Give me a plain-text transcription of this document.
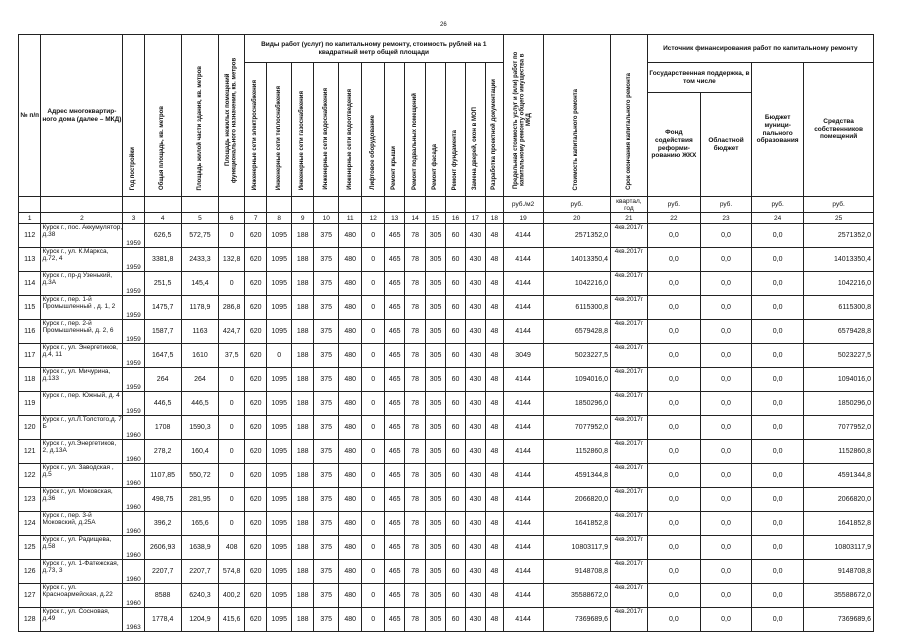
26
№ п/п	Адрес многоквартир-ного дома (далее – МКД)	Год постройки	Общая площадь, кв. метров	Площадь жилой части здания, кв. метров	Площадь нежилых помещений функционального назначения, кв. метров	Виды работ (услуг) по капитальному ремонту, стоимость рублей на 1 квадратный метр общей площади												Предельная стоимость услуг и (или) работ по капитальному ремонту общего имущества в МКД	Стоимость капитального ремонта	Срок окончания капитального ремонта	Источник финансирования работ по капитальному ремонту			
						Инженерные сети электроснабжения	Инженерные сети теплоснабжения	Инженерные сети газоснабжения	Инженерные сети водоснабжения	Инженерные сети водоотведения	Лифтовое оборудование	Ремонт крыши	Ремонт подвальных помещений	Ремонт фасада	Ремонт фундамента	Замена дверей, окон в МОП	Разработка проектной документации				Государственная поддержка, в том числе		Бюджет муници-пального образования	Средства собственников помещений
																					Фонд содействия реформи-рованию ЖКХ	Областной бюджет		
																		руб./м2	руб.	квартал, год	руб.	руб.	руб.	руб.
1	2	3	4	5	6	7	8	9	10	11	12	13	14	15	16	17	18	19	20	21	22	23	24	25
112	Курск г., пос. Аккумулятор, д.38	1959	626,5	572,75	0	620	1095	188	375	480	0	465	78	305	60	430	48	4144	2571352,0	4кв.2017г	0,0	0,0	0,0	2571352,0
113	Курск г., ул. К.Маркса, д.72, 4	1959	3381,8	2433,3	132,8	620	1095	188	375	480	0	465	78	305	60	430	48	4144	14013350,4	4кв.2017г	0,0	0,0	0,0	14013350,4
114	Курск г., пр-д Узенький, д.3А	1959	251,5	145,4	0	620	1095	188	375	480	0	465	78	305	60	430	48	4144	1042216,0	4кв.2017г	0,0	0,0	0,0	1042216,0
115	Курск г., пер. 1-й Промышленный , д. 1, 2	1959	1475,7	1178,9	286,8	620	1095	188	375	480	0	465	78	305	60	430	48	4144	6115300,8	4кв.2017г	0,0	0,0	0,0	6115300,8
116	Курск г., пер. 2-й Промышленный, д. 2, 6	1959	1587,7	1163	424,7	620	1095	188	375	480	0	465	78	305	60	430	48	4144	6579428,8	4кв.2017г	0,0	0,0	0,0	6579428,8
117	Курск г., ул. Энергетиков, д.4, 11	1959	1647,5	1610	37,5	620	0	188	375	480	0	465	78	305	60	430	48	3049	5023227,5	4кв.2017г	0,0	0,0	0,0	5023227,5
118	Курск г., ул. Мичурина, д.133	1959	264	264	0	620	1095	188	375	480	0	465	78	305	60	430	48	4144	1094016,0	4кв.2017г	0,0	0,0	0,0	1094016,0
119	Курск г., пер. Южный, д. 4	1959	446,5	446,5	0	620	1095	188	375	480	0	465	78	305	60	430	48	4144	1850296,0	4кв.2017г	0,0	0,0	0,0	1850296,0
120	Курск г., ул.Л.Толстого,д. 7 Б	1960	1708	1590,3	0	620	1095	188	375	480	0	465	78	305	60	430	48	4144	7077952,0	4кв.2017г	0,0	0,0	0,0	7077952,0
121	Курск г., ул.Энергетиков, 2, д.13А	1960	278,2	160,4	0	620	1095	188	375	480	0	465	78	305	60	430	48	4144	1152860,8	4кв.2017г	0,0	0,0	0,0	1152860,8
122	Курск г., ул. Заводская , д.5	1960	1107,85	550,72	0	620	1095	188	375	480	0	465	78	305	60	430	48	4144	4591344,8	4кв.2017г	0,0	0,0	0,0	4591344,8
123	Курск г., ул. Моковская, д.36	1960	498,75	281,95	0	620	1095	188	375	480	0	465	78	305	60	430	48	4144	2066820,0	4кв.2017г	0,0	0,0	0,0	2066820,0
124	Курск г., пер. 3-й Моковский, д.25А	1960	396,2	165,6	0	620	1095	188	375	480	0	465	78	305	60	430	48	4144	1641852,8	4кв.2017г	0,0	0,0	0,0	1641852,8
125	Курск г., ул. Радищева, д.58	1960	2606,93	1638,9	408	620	1095	188	375	480	0	465	78	305	60	430	48	4144	10803117,9	4кв.2017г	0,0	0,0	0,0	10803117,9
126	Курск г., ул. 1-Фатежская, д.73, 3	1960	2207,7	2207,7	574,8	620	1095	188	375	480	0	465	78	305	60	430	48	4144	9148708,8	4кв.2017г	0,0	0,0	0,0	9148708,8
127	Курск г., ул. Красноармейская, д.22	1960	8588	6240,3	400,2	620	1095	188	375	480	0	465	78	305	60	430	48	4144	35588672,0	4кв.2017г	0,0	0,0	0,0	35588672,0
128	Курск г., ул. Сосновая, д.49	1963	1778,4	1204,9	415,6	620	1095	188	375	480	0	465	78	305	60	430	48	4144	7369689,6	4кв.2017г	0,0	0,0	0,0	7369689,6
